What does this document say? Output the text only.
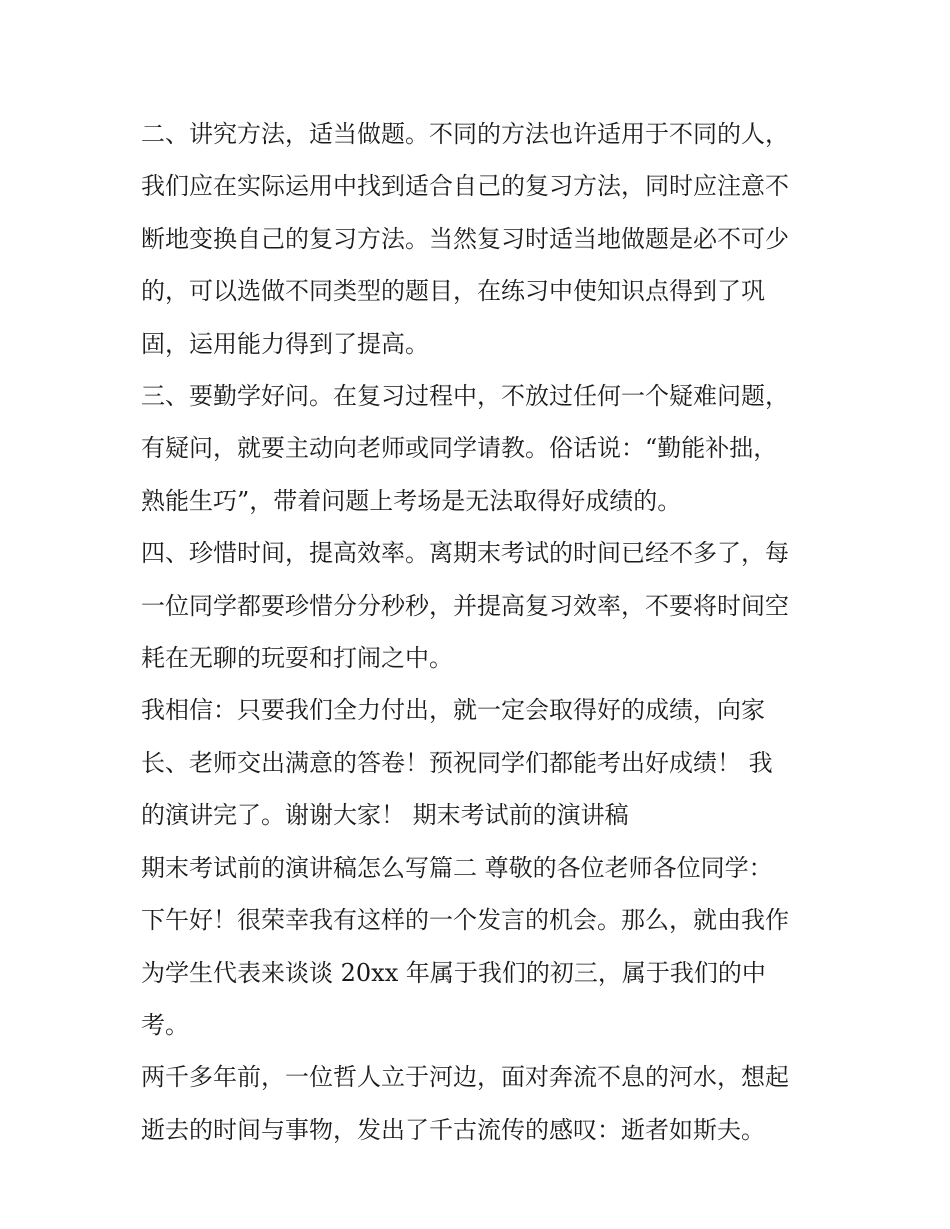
二、讲究方法，适当做题。不同的方法也许适用于不同的人，
我们应在实际运用中找到适合自己的复习方法，同时应注意不
断地变换自己的复习方法。当然复习时适当地做题是必不可少
的，可以选做不同类型的题目，在练习中使知识点得到了巩
固，运用能力得到了提高。

三、要勤学好问。在复习过程中，不放过任何一个疑难问题，
有疑问，就要主动向老师或同学请教。俗话说：“勤能补拙，
熟能生巧”，带着问题上考场是无法取得好成绩的。

四、珍惜时间，提高效率。离期末考试的时间已经不多了，每
一位同学都要珍惜分分秒秒，并提高复习效率，不要将时间空
耗在无聊的玩耍和打闹之中。

我相信：只要我们全力付出，就一定会取得好的成绩，向家
长、老师交出满意的答卷！预祝同学们都能考出好成绩！ 我
的演讲完了。谢谢大家！ 期末考试前的演讲稿

期末考试前的演讲稿怎么写篇二 尊敬的各位老师各位同学：

下午好！很荣幸我有这样的一个发言的机会。那么，就由我作
为学生代表来谈谈 20xx 年属于我们的初三，属于我们的中
考。

两千多年前，一位哲人立于河边，面对奔流不息的河水，想起
逝去的时间与事物，发出了千古流传的感叹：逝者如斯夫。
